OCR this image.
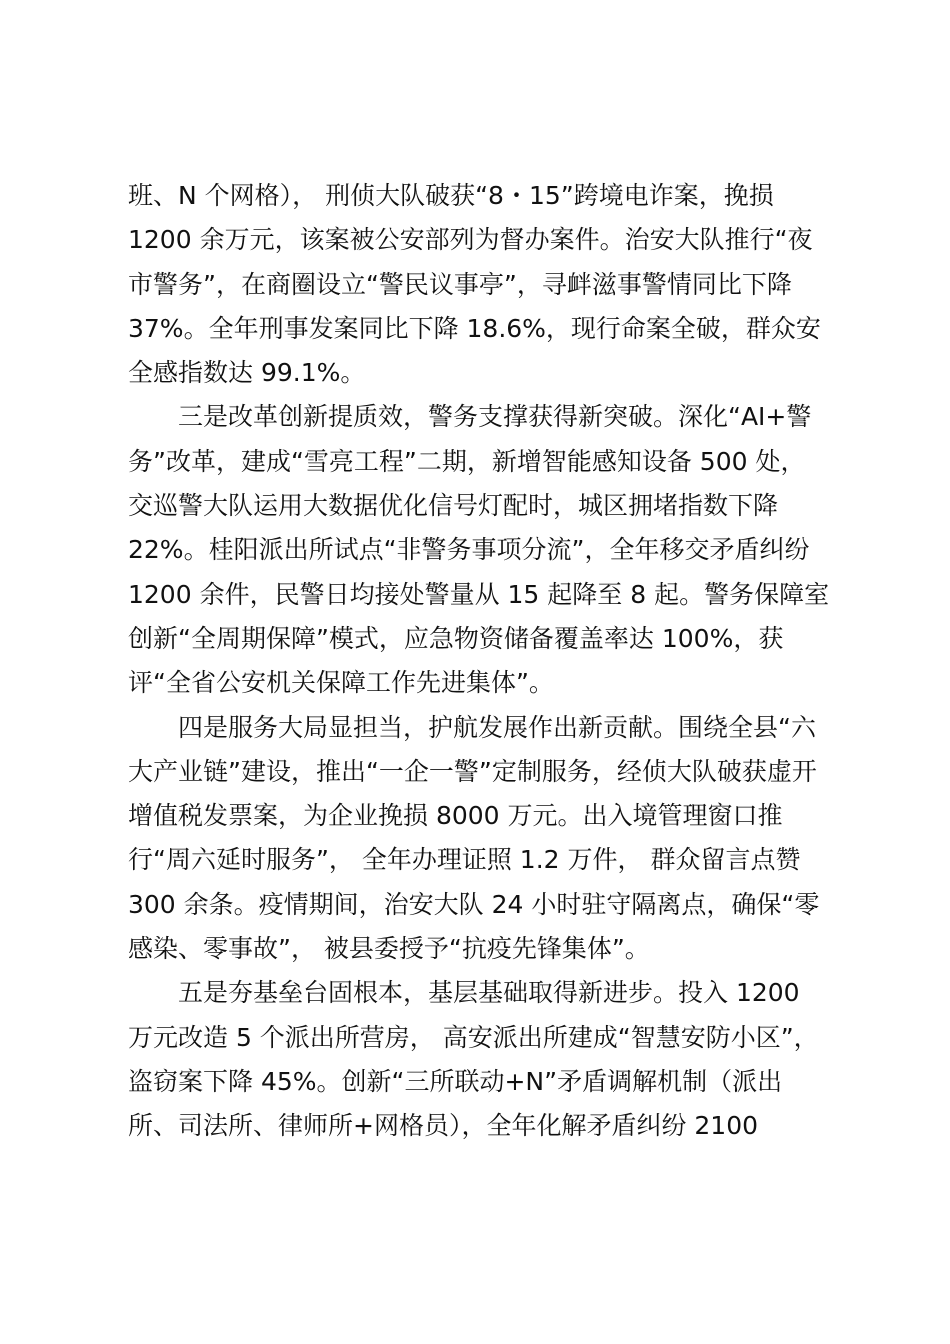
班、N 个网格）， 刑侦大队破获“8・15”跨境电诈案，挽损
1200 余万元，该案被公安部列为督办案件。治安大队推行“夜
市警务”，在商圈设立“警民议事亭”，寻衅滋事警情同比下降
37%。全年刑事发案同比下降 18.6%，现行命案全破，群众安
全感指数达 99.1%。
三是改革创新提质效，警务支撑获得新突破。深化“AI+警
务”改革，建成“雪亮工程”二期，新增智能感知设备 500 处，
交巡警大队运用大数据优化信号灯配时，城区拥堵指数下降
22%。桂阳派出所试点“非警务事项分流”，全年移交矛盾纠纷
1200 余件，民警日均接处警量从 15 起降至 8 起。警务保障室
创新“全周期保障”模式，应急物资储备覆盖率达 100%，获
评“全省公安机关保障工作先进集体”。
四是服务大局显担当，护航发展作出新贡献。围绕全县“六
大产业链”建设，推出“一企一警”定制服务，经侦大队破获虚开
增值税发票案，为企业挽损 8000 万元。出入境管理窗口推
行“周六延时服务”， 全年办理证照 1.2 万件， 群众留言点赞
300 余条。疫情期间，治安大队 24 小时驻守隔离点，确保“零
感染、零事故”， 被县委授予“抗疫先锋集体”。
五是夯基垒台固根本，基层基础取得新进步。投入 1200
万元改造 5 个派出所营房， 高安派出所建成“智慧安防小区”，
盗窃案下降 45%。创新“三所联动+N”矛盾调解机制（派出
所、司法所、律师所+网格员），全年化解矛盾纠纷 2100
